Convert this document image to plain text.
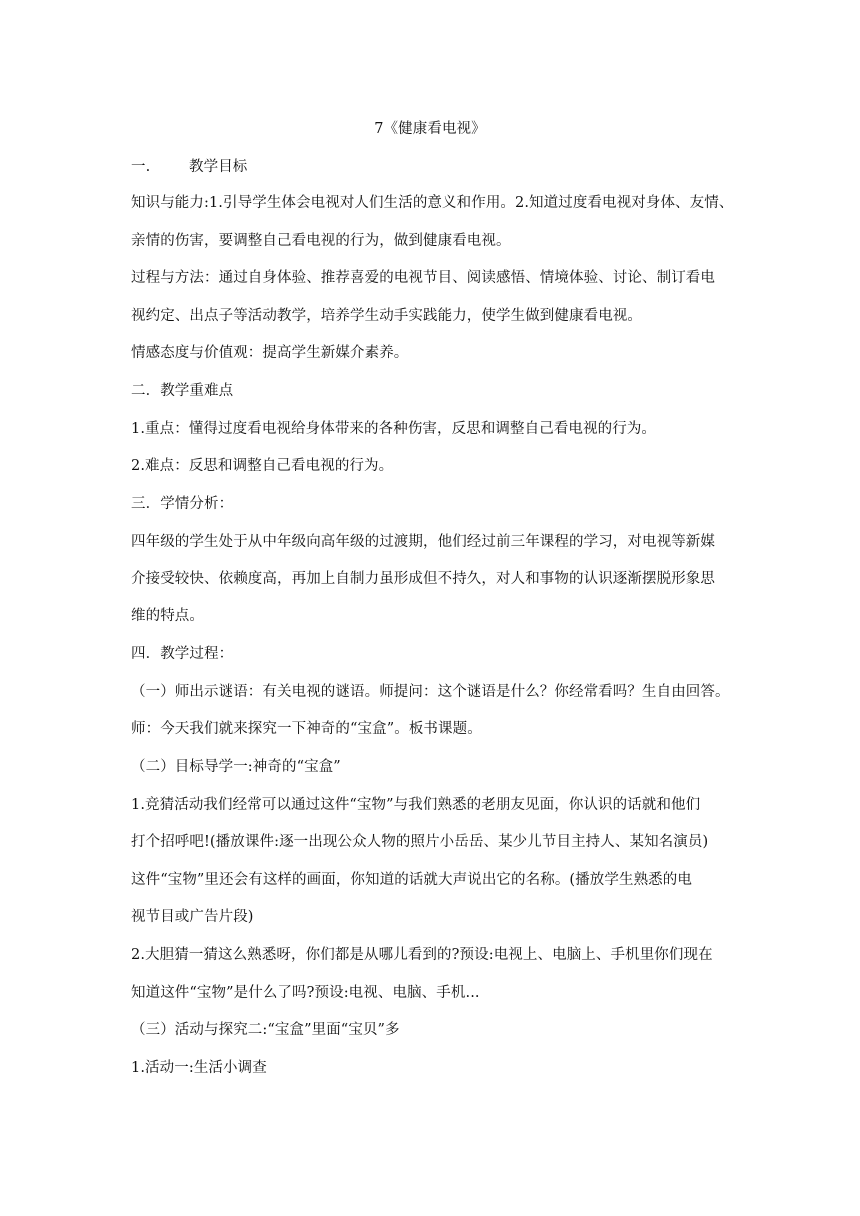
7《健康看电视》
一.	教学目标
知识与能力:1.引导学生体会电视对人们生活的意义和作用。2.知道过度看电视对身体、友情、
亲情的伤害，要调整自己看电视的行为，做到健康看电视。
过程与方法：通过自身体验、推荐喜爱的电视节目、阅读感悟、情境体验、讨论、制订看电
视约定、出点子等活动教学，培养学生动手实践能力，使学生做到健康看电视。
情感态度与价值观：提高学生新媒介素养。
二．教学重难点
1.重点：懂得过度看电视给身体带来的各种伤害，反思和调整自己看电视的行为。
2.难点：反思和调整自己看电视的行为。
三．学情分析：
四年级的学生处于从中年级向高年级的过渡期，他们经过前三年课程的学习，对电视等新媒
介接受较快、依赖度高，再加上自制力虽形成但不持久，对人和事物的认识逐渐摆脱形象思
维的特点。
四．教学过程：
（一）师出示谜语：有关电视的谜语。师提问：这个谜语是什么？你经常看吗？生自由回答。
师：今天我们就来探究一下神奇的“宝盒”。板书课题。
（二）目标导学一:神奇的“宝盒”
1.竞猜活动我们经常可以通过这件“宝物”与我们熟悉的老朋友见面，你认识的话就和他们
打个招呼吧!(播放课件:逐一出现公众人物的照片小岳岳、某少儿节目主持人、某知名演员)
这件“宝物”里还会有这样的画面，你知道的话就大声说出它的名称。(播放学生熟悉的电
视节目或广告片段)
2.大胆猜一猜这么熟悉呀，你们都是从哪儿看到的?预设:电视上、电脑上、手机里你们现在
知道这件“宝物”是什么了吗?预设:电视、电脑、手机...
（三）活动与探究二:“宝盒”里面“宝贝”多
1.活动一:生活小调查
